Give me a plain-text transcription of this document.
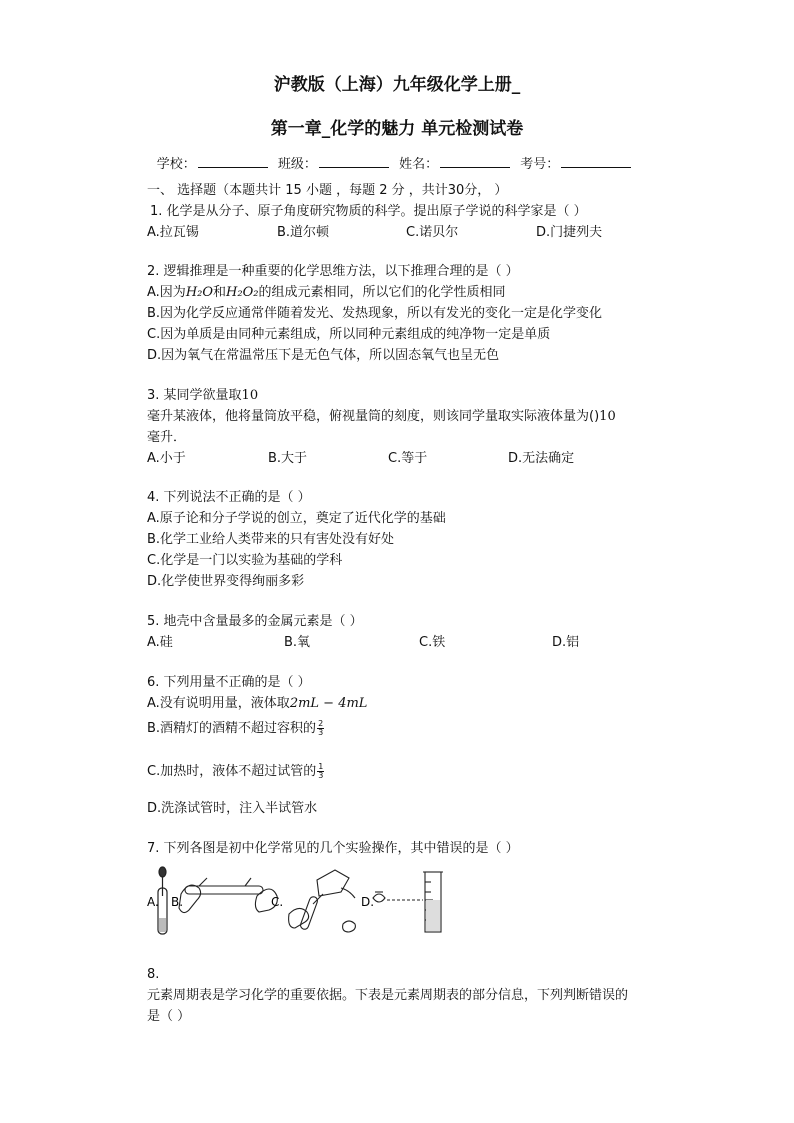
沪教版（上海）九年级化学上册_
第一章_化学的魅力 单元检测试卷
学校：	班级：	姓名：	考号：
一、 选择题（本题共计 15 小题 ，每题 2 分 ，共计30分， ）
1. 化学是从分子、原子角度研究物质的科学。提出原子学说的科学家是（ ）
A.拉瓦锡	B.道尔顿	C.诺贝尔	D.门捷列夫
2. 逻辑推理是一种重要的化学思维方法，以下推理合理的是（ ）
A.因为H₂O和H₂O₂的组成元素相同，所以它们的化学性质相同
B.因为化学反应通常伴随着发光、发热现象，所以有发光的变化一定是化学变化
C.因为单质是由同种元素组成，所以同种元素组成的纯净物一定是单质
D.因为氧气在常温常压下是无色气体，所以固态氧气也呈无色
3. 某同学欲量取10
毫升某液体，他将量筒放平稳，俯视量筒的刻度，则该同学量取实际液体量为()10
毫升．
A.小于	B.大于	C.等于	D.无法确定
4. 下列说法不正确的是（ ）
A.原子论和分子学说的创立，奠定了近代化学的基础
B.化学工业给人类带来的只有害处没有好处
C.化学是一门以实验为基础的学科
D.化学使世界变得绚丽多彩
5. 地壳中含量最多的金属元素是（ ）
A.硅	B.氧	C.铁	D.铝
6. 下列用量不正确的是（ ）
A.没有说明用量，液体取2mL − 4mL
B.酒精灯的酒精不超过容积的 $\frac{2}{3}$
C.加热时，液体不超过试管的 $\frac{1}{3}$
D.洗涤试管时，注入半试管水
7. 下列各图是初中化学常见的几个实验操作，其中错误的是（ ）
A. B.	C.	D.
8.
元素周期表是学习化学的重要依据。下表是元素周期表的部分信息，下列判断错误的
是（ ）
